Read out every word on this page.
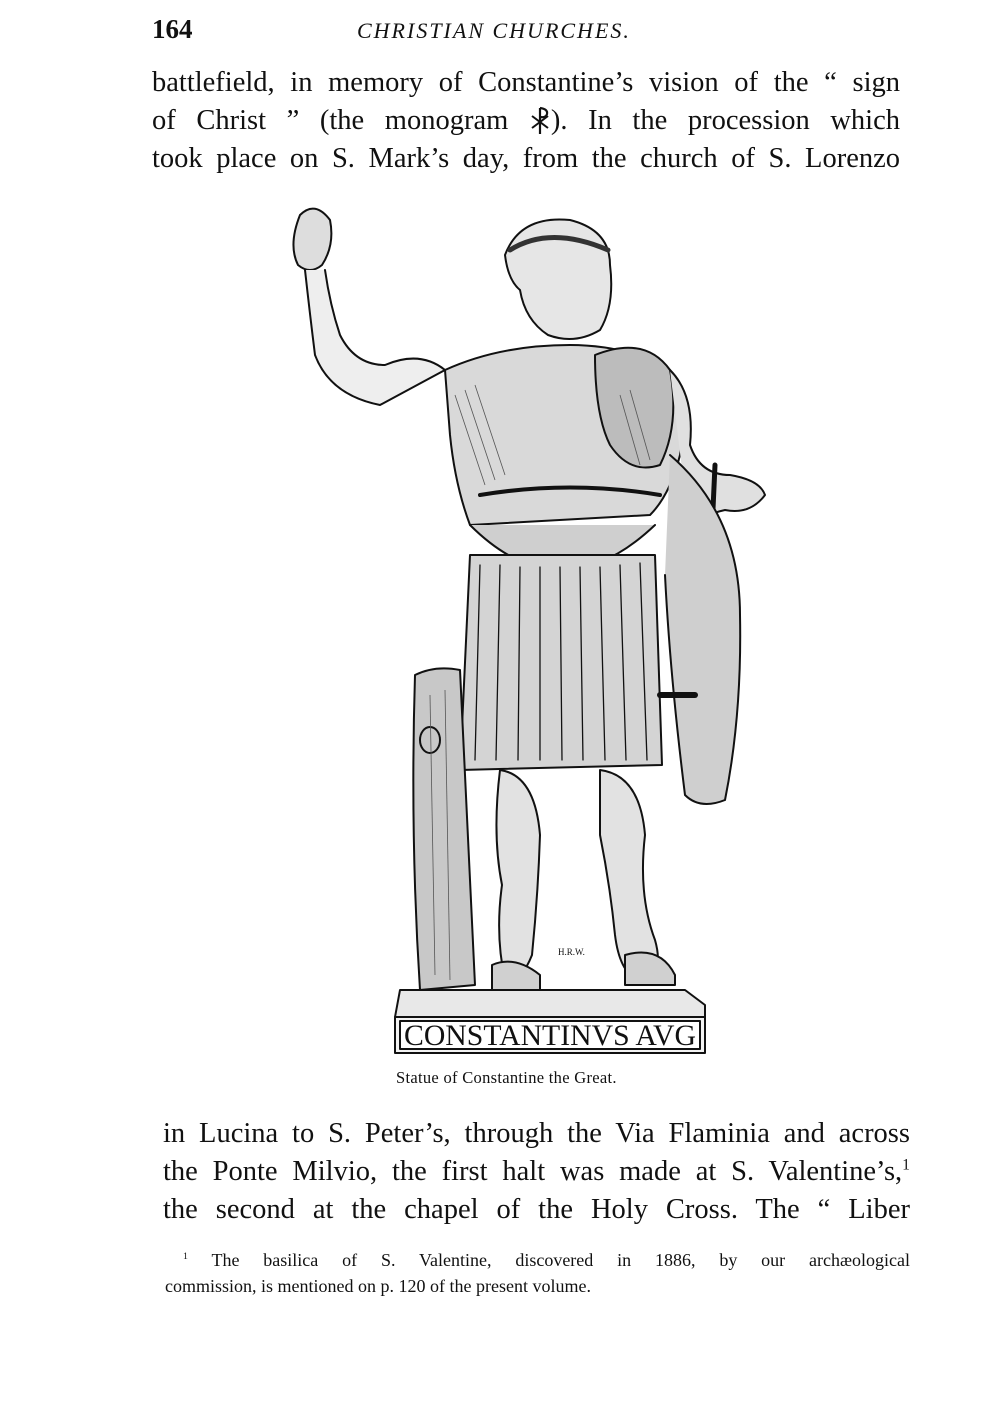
164	CHRISTIAN CHURCHES.
battlefield, in memory of Constantine’s vision of the “ sign
of Christ ” (the monogram ). In the procession which
took place on S. Mark’s day, from the church of S. Lorenzo
H.R.W.
CONSTANTINVS AVG
Statue of Constantine the Great.
in Lucina to S. Peter’s, through the Via Flaminia and across
the Ponte Milvio, the first halt was made at S. Valentine’s,$^1$
the second at the chapel of the Holy Cross. The “ Liber
 $^1$ The basilica of S. Valentine, discovered in 1886, by our archæological
commission, is mentioned on p. 120 of the present volume.
